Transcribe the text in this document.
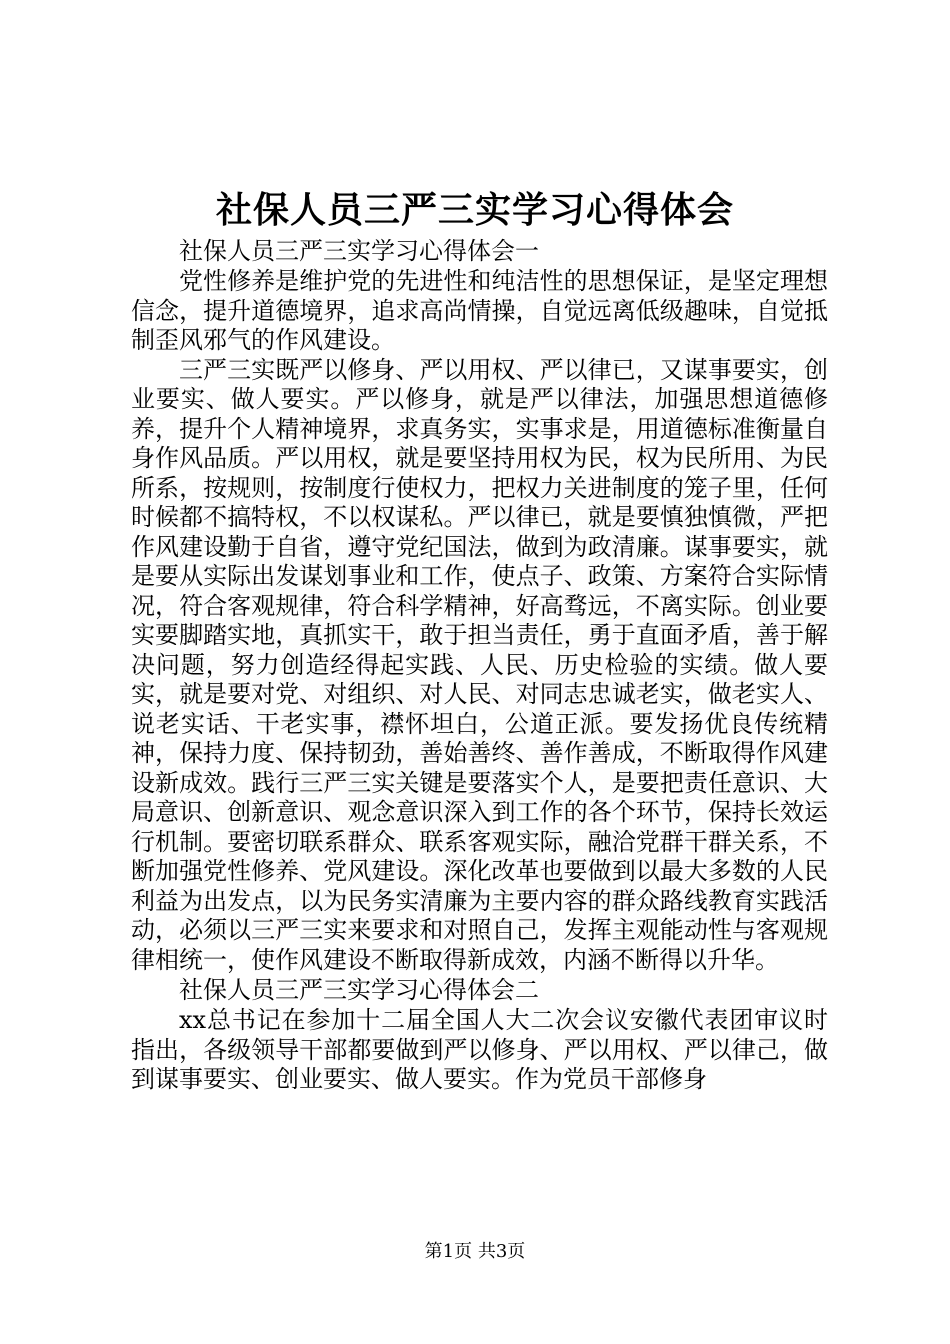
社保人员三严三实学习心得体会

社保人员三严三实学习心得体会一

党性修养是维护党的先进性和纯洁性的思想保证，是坚定理想信念，提升道德境界，追求高尚情操，自觉远离低级趣味，自觉抵制歪风邪气的作风建设。

三严三实既严以修身、严以用权、严以律已，又谋事要实，创业要实、做人要实。严以修身，就是严以律法，加强思想道德修养，提升个人精神境界，求真务实，实事求是，用道德标准衡量自身作风品质。严以用权，就是要坚持用权为民，权为民所用、为民所系，按规则，按制度行使权力，把权力关进制度的笼子里，任何时候都不搞特权，不以权谋私。严以律已，就是要慎独慎微，严把作风建设勤于自省，遵守党纪国法，做到为政清廉。谋事要实，就是要从实际出发谋划事业和工作，使点子、政策、方案符合实际情况，符合客观规律，符合科学精神，好高骛远，不离实际。创业要实要脚踏实地，真抓实干，敢于担当责任，勇于直面矛盾，善于解决问题，努力创造经得起实践、人民、历史检验的实绩。做人要实，就是要对党、对组织、对人民、对同志忠诚老实，做老实人、说老实话、干老实事，襟怀坦白，公道正派。要发扬优良传统精神，保持力度、保持韧劲，善始善终、善作善成，不断取得作风建设新成效。践行三严三实关键是要落实个人，是要把责任意识、大局意识、创新意识、观念意识深入到工作的各个环节，保持长效运行机制。要密切联系群众、联系客观实际，融洽党群干群关系，不断加强党性修养、党风建设。深化改革也要做到以最大多数的人民利益为出发点，以为民务实清廉为主要内容的群众路线教育实践活动，必须以三严三实来要求和对照自己，发挥主观能动性与客观规律相统一，使作风建设不断取得新成效，内涵不断得以升华。

社保人员三严三实学习心得体会二

xx总书记在参加十二届全国人大二次会议安徽代表团审议时指出，各级领导干部都要做到严以修身、严以用权、严以律己，做到谋事要实、创业要实、做人要实。作为党员干部修身

第1页 共3页
